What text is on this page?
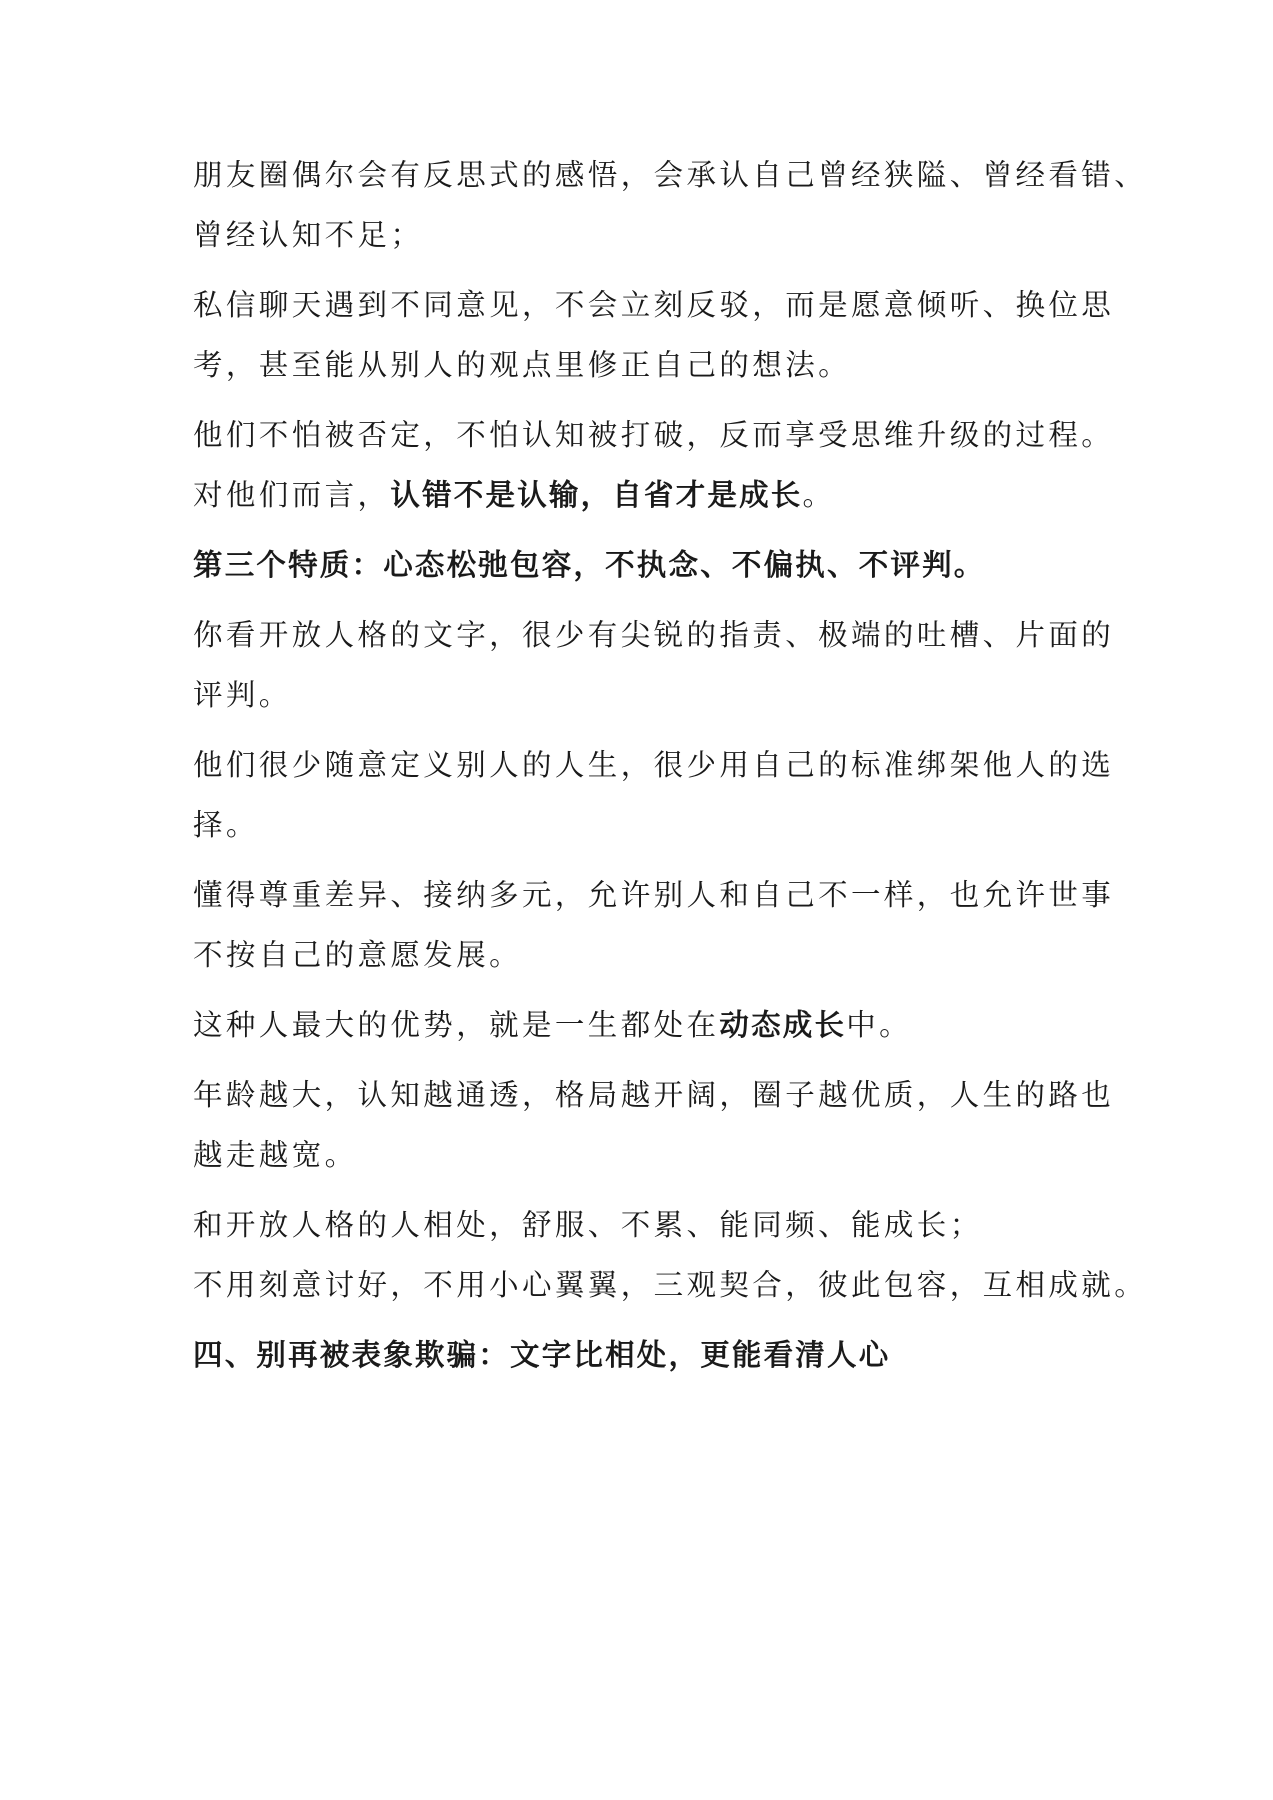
朋友圈偶尔会有反思式的感悟，会承认自己曾经狭隘、曾经看错、
曾经认知不足；
私信聊天遇到不同意见，不会立刻反驳，而是愿意倾听、换位思
考，甚至能从别人的观点里修正自己的想法。
他们不怕被否定，不怕认知被打破，反而享受思维升级的过程。
对他们而言，认错不是认输，自省才是成长。
第三个特质：心态松弛包容，不执念、不偏执、不评判。
你看开放人格的文字，很少有尖锐的指责、极端的吐槽、片面的
评判。
他们很少随意定义别人的人生，很少用自己的标准绑架他人的选
择。
懂得尊重差异、接纳多元，允许别人和自己不一样，也允许世事
不按自己的意愿发展。
这种人最大的优势，就是一生都处在动态成长中。
年龄越大，认知越通透，格局越开阔，圈子越优质，人生的路也
越走越宽。
和开放人格的人相处，舒服、不累、能同频、能成长；
不用刻意讨好，不用小心翼翼，三观契合，彼此包容，互相成就。
四、别再被表象欺骗：文字比相处，更能看清人心
